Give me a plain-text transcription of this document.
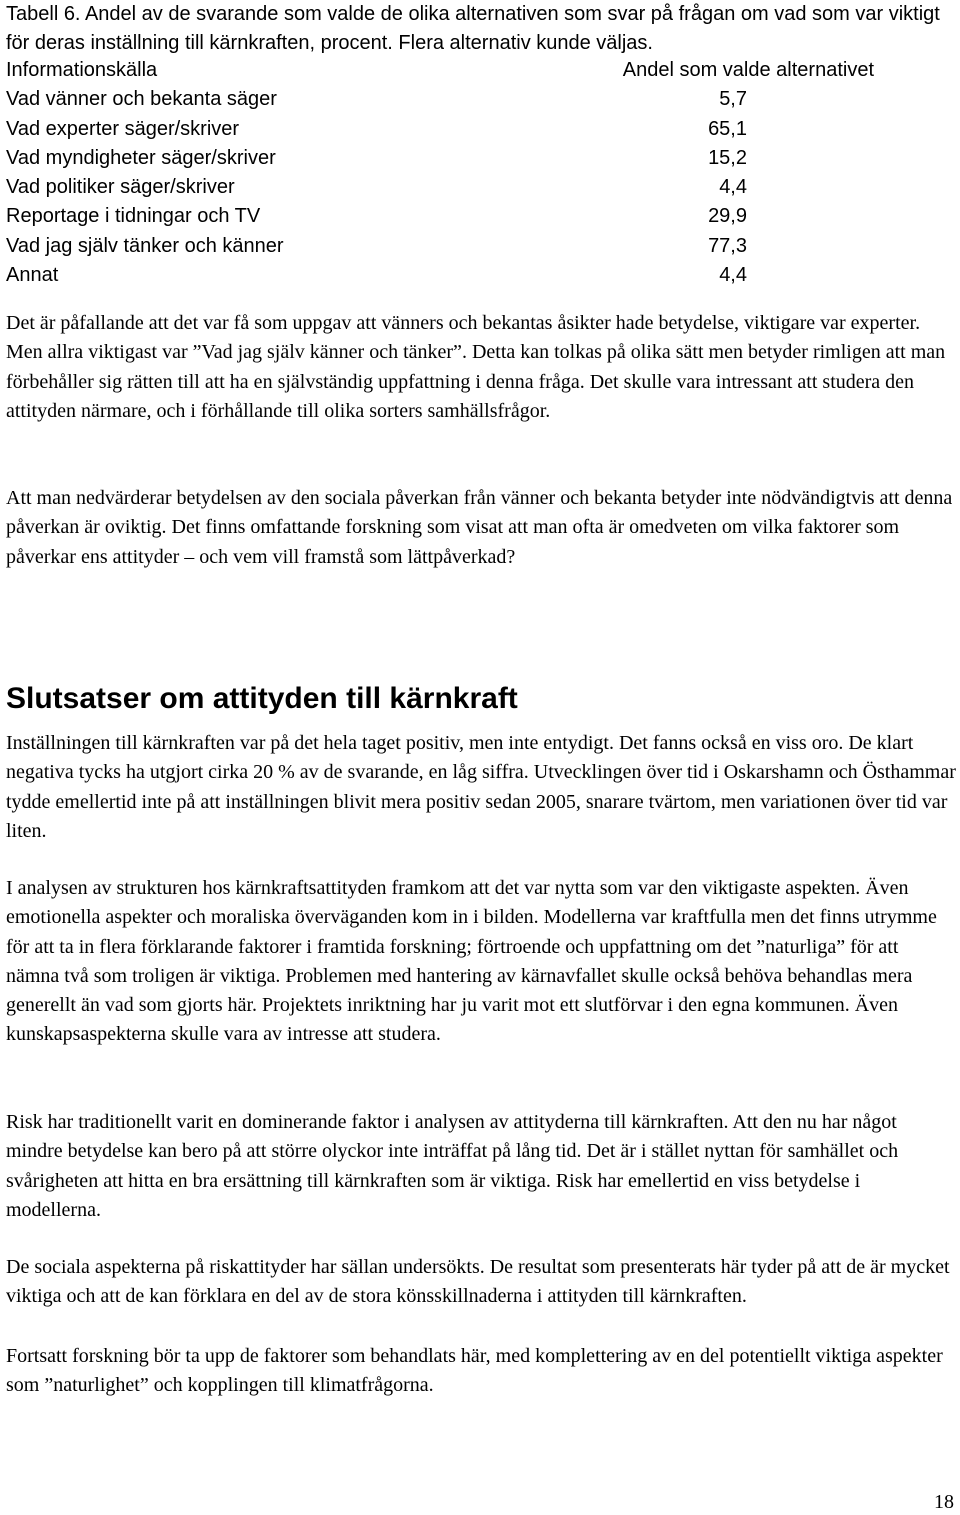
Tabell 6. Andel av de svarande som valde de olika alternativen som svar på frågan om vad som var viktigt för deras inställning till kärnkraften, procent. Flera alternativ kunde väljas.
Informationskälla	Andel som valde alternativet
Vad vänner och bekanta säger	5,7
Vad experter säger/skriver	65,1
Vad myndigheter säger/skriver	15,2
Vad politiker säger/skriver	4,4
Reportage i tidningar och TV	29,9
Vad jag själv tänker och känner	77,3
Annat	4,4
Det är påfallande att det var få som uppgav att vänners och bekantas åsikter hade betydelse, viktigare var experter. Men allra viktigast var ”Vad jag själv känner och tänker”. Detta kan tolkas på olika sätt men betyder rimligen att man förbehåller sig rätten till att ha en självständig uppfattning i denna fråga. Det skulle vara intressant att studera den attityden närmare, och i förhållande till olika sorters samhällsfrågor.
Att man nedvärderar betydelsen av den sociala påverkan från vänner och bekanta betyder inte nödvändigtvis att denna påverkan är oviktig. Det finns omfattande forskning som visat att man ofta är omedveten om vilka faktorer som påverkar ens attityder – och vem vill framstå som lättpåverkad?
Slutsatser om attityden till kärnkraft
Inställningen till kärnkraften var på det hela taget positiv, men inte entydigt. Det fanns också en viss oro. De klart negativa tycks ha utgjort cirka 20 % av de svarande, en låg siffra. Utvecklingen över tid i Oskarshamn och Östhammar tydde emellertid inte på att inställningen blivit mera positiv sedan 2005, snarare tvärtom, men variationen över tid var liten.
I analysen av strukturen hos kärnkraftsattityden framkom att det var nytta som var den viktigaste aspekten. Även emotionella aspekter och moraliska överväganden kom in i bilden. Modellerna var kraftfulla men det finns utrymme för att ta in flera förklarande faktorer i framtida forskning; förtroende och uppfattning om det ”naturliga” för att nämna två som troligen är viktiga. Problemen med hantering av kärnavfallet skulle också behöva behandlas mera generellt än vad som gjorts här. Projektets inriktning har ju varit mot ett slutförvar i den egna kommunen. Även kunskapsaspekterna skulle vara av intresse att studera.
Risk har traditionellt varit en dominerande faktor i analysen av attityderna till kärnkraften. Att den nu har något mindre betydelse kan bero på att större olyckor inte inträffat på lång tid. Det är i stället nyttan för samhället och svårigheten att hitta en bra ersättning till kärnkraften som är viktiga. Risk har emellertid en viss betydelse i modellerna.
De sociala aspekterna på riskattityder har sällan undersökts. De resultat som presenterats här tyder på att de är mycket viktiga och att de kan förklara en del av de stora könsskillnaderna i attityden till kärnkraften.
Fortsatt forskning bör ta upp de faktorer som behandlats här, med komplettering av en del potentiellt viktiga aspekter som ”naturlighet” och kopplingen till klimatfrågorna.
18
